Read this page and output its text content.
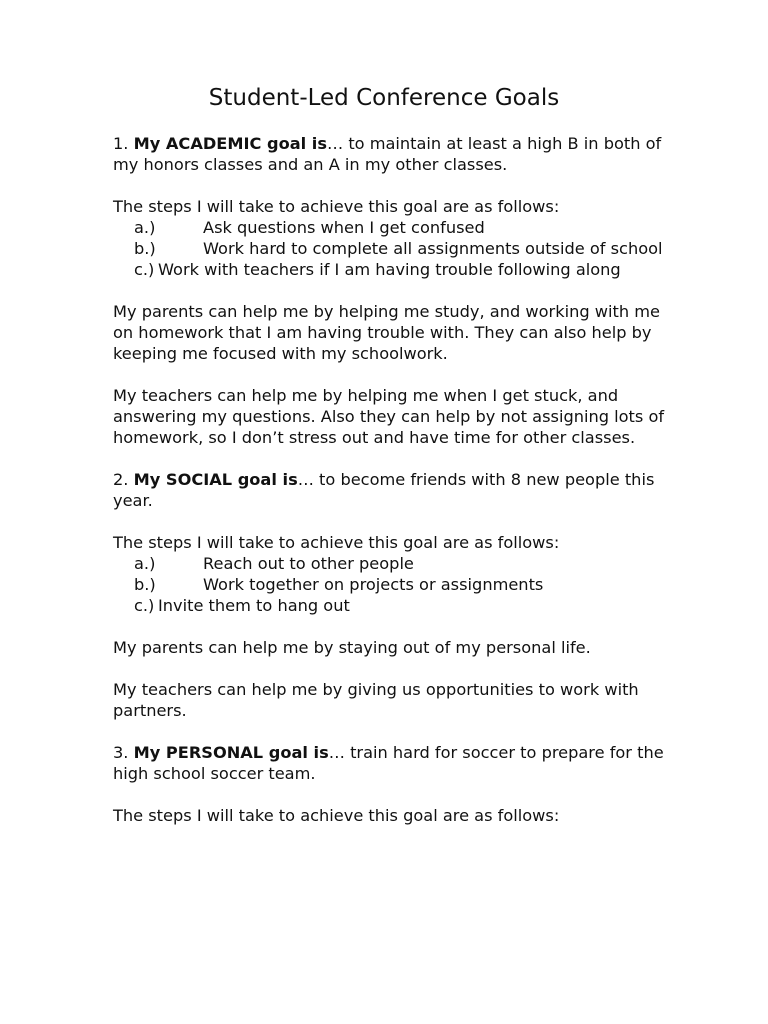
Student-Led Conference Goals

1. My ACADEMIC goal is… to maintain at least a high B in both of my honors classes and an A in my other classes.

The steps I will take to achieve this goal are as follows:

a.)	Ask questions when I get confused
b.)	Work hard to complete all assignments outside of school
c.) Work with teachers if I am having trouble following along

My parents can help me by helping me study, and working with me on homework that I am having trouble with. They can also help by keeping me focused with my schoolwork.

My teachers can help me by helping me when I get stuck, and answering my questions. Also they can help by not assigning lots of homework, so I don’t stress out and have time for other classes.

2. My SOCIAL goal is… to become friends with 8 new people this year.

The steps I will take to achieve this goal are as follows:

a.)	Reach out to other people
b.)	Work together on projects or assignments
c.) Invite them to hang out

My parents can help me by staying out of my personal life.

My teachers can help me by giving us opportunities to work with partners.

3. My PERSONAL goal is… train hard for soccer to prepare for the high school soccer team.

The steps I will take to achieve this goal are as follows:
